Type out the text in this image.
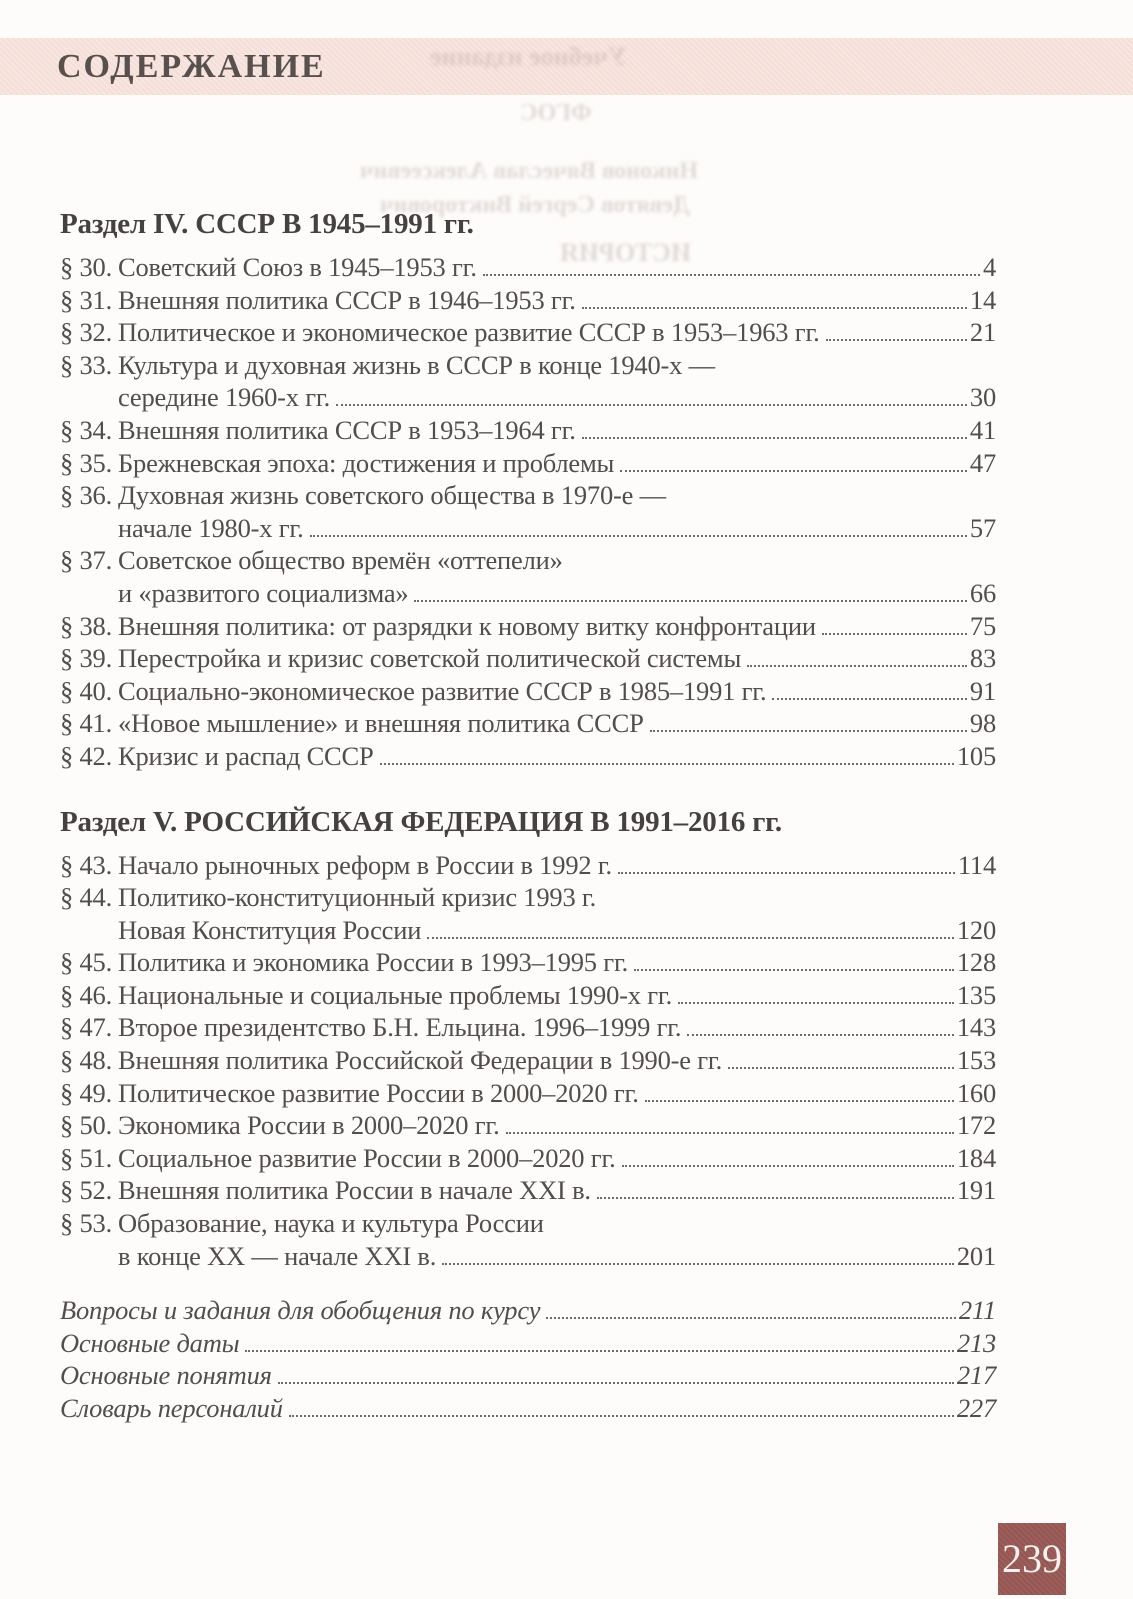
СОДЕРЖАНИЕ	Учебное издание
ФГОС
Никонов Вячеслав Алексеевич
Девятов Сергей Викторович
ИСТОРИЯ
Раздел IV. СССР В 1945–1991 гг.
§ 30. Советский Союз в 1945–1953 гг.	4
§ 31. Внешняя политика СССР в 1946–1953 гг.	14
§ 32. Политическое и экономическое развитие СССР в 1953–1963 гг.	21
§ 33. Культура и духовная жизнь в СССР в конце 1940-х —
середине 1960-х гг.	30
§ 34. Внешняя политика СССР в 1953–1964 гг.	41
§ 35. Брежневская эпоха: достижения и проблемы	47
§ 36. Духовная жизнь советского общества в 1970-е —
начале 1980-х гг.	57
§ 37. Советское общество времён «оттепели»
и «развитого социализма»	66
§ 38. Внешняя политика: от разрядки к новому витку конфронтации	75
§ 39. Перестройка и кризис советской политической системы	83
§ 40. Социально-экономическое развитие СССР в 1985–1991 гг.	91
§ 41. «Новое мышление» и внешняя политика СССР	98
§ 42. Кризис и распад СССР	105
Раздел V. РОССИЙСКАЯ ФЕДЕРАЦИЯ В 1991–2016 гг.
§ 43. Начало рыночных реформ в России в 1992 г.	114
§ 44. Политико-конституционный кризис 1993 г.
Новая Конституция России	120
§ 45. Политика и экономика России в 1993–1995 гг.	128
§ 46. Национальные и социальные проблемы 1990-х гг.	135
§ 47. Второе президентство Б.Н. Ельцина. 1996–1999 гг.	143
§ 48. Внешняя политика Российской Федерации в 1990-е гг.	153
§ 49. Политическое развитие России в 2000–2020 гг.	160
§ 50. Экономика России в 2000–2020 гг.	172
§ 51. Социальное развитие России в 2000–2020 гг.	184
§ 52. Внешняя политика России в начале XXI в.	191
§ 53. Образование, наука и культура России
в конце XX — начале XXI в.	201
Вопросы и задания для обобщения по курсу	211
Основные даты	213
Основные понятия	217
Словарь персоналий	227
239
